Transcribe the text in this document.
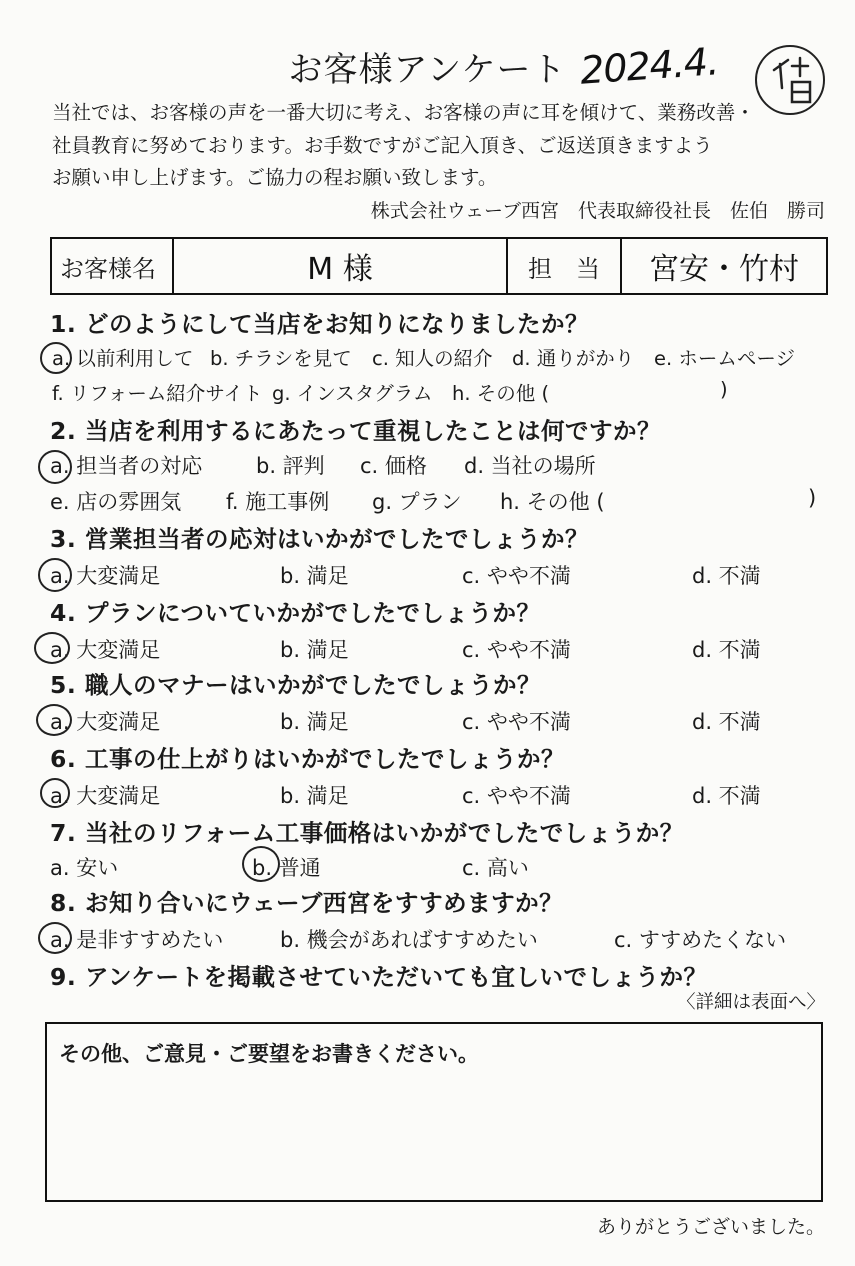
お客様アンケート 2024.4.
当社では、お客様の声を一番大切に考え、お客様の声に耳を傾けて、業務改善・
社員教育に努めております。お手数ですがご記入頂き、ご返送頂きますよう
お願い申し上げます。ご協力の程お願い致します。
株式会社ウェーブ西宮　代表取締役社長　佐伯　勝司
お客様名	M 様	担　当	宮安・竹村
1. どのようにして当店をお知りになりましたか？
a. 以前利用して b. チラシを見て c. 知人の紹介 d. 通りがかり e. ホームページ
f. リフォーム紹介サイト g. インスタグラム h. その他 (	)
2. 当店を利用するにあたって重視したことは何ですか？
a. 担当者の対応	b. 評判 c. 価格 d. 当社の場所
e. 店の雰囲気 f. 施工事例 g. プラン h. その他 (	)
3. 営業担当者の応対はいかがでしたでしょうか？
a. 大変満足	b. 満足	c. やや不満	d. 不満
4. プランについていかがでしたでしょうか？
a. 大変満足	b. 満足	c. やや不満	d. 不満
5. 職人のマナーはいかがでしたでしょうか？
a. 大変満足	b. 満足	c. やや不満	d. 不満
6. 工事の仕上がりはいかがでしたでしょうか？
a. 大変満足	b. 満足	c. やや不満	d. 不満
7. 当社のリフォーム工事価格はいかがでしたでしょうか？
a. 安い	b. 普通	c. 高い
8. お知り合いにウェーブ西宮をすすめますか？
a. 是非すすめたい	b. 機会があればすすめたい	c. すすめたくない
9. アンケートを掲載させていただいても宜しいでしょうか？
〈詳細は表面へ〉
その他、ご意見・ご要望をお書きください。
ありがとうございました。
